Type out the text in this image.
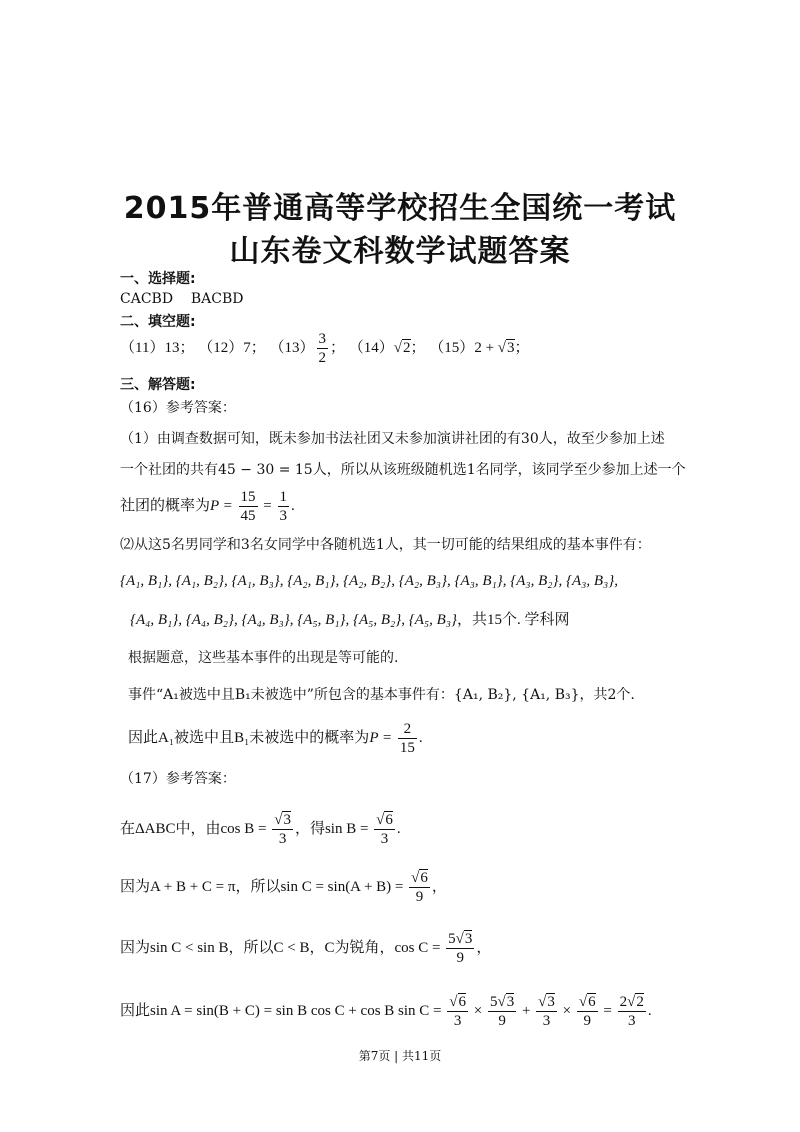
2015年普通高等学校招生全国统一考试
山东卷文科数学试题答案
一、选择题:
CACBD    BACBD
二、填空题:
（11）13； （12）7； $(13) \frac{3}{2}$ ； （14）√2； （15）2 + √3；
三、解答题:
（16）参考答案：
（1）由调查数据可知，既未参加书法社团又未参加演讲社团的有30人，故至少参加上述
一个社团的共有45 − 30 = 15人，所以从该班级随机选1名同学，该同学至少参加上述一个
社团的概率为$P = \frac{15}{45} = \frac{1}{3}$ .
⑵从这5名男同学和3名女同学中各随机选1人，其一切可能的结果组成的基本事件有：
{A₁, B₁}, {A₁, B₂}, {A₁, B₃}, {A₂, B₁}, {A₂, B₂}, {A₂, B₃}, {A₃, B₁}, {A₃, B₂}, {A₃, B₃},
{A₄, B₁}, {A₄, B₂}, {A₄, B₃}, {A₅, B₁}, {A₅, B₂}, {A₅, B₃}，共15个. 学科网
根据题意，这些基本事件的出现是等可能的.
事件“A₁被选中且B₁未被选中”所包含的基本事件有：{A₁, B₂}, {A₁, B₃}，共2个.
因此A₁被选中且B₁未被选中的概率为$P = \frac{2}{15}$ .
（17）参考答案：
在ΔABC中，由$\cos B = \frac{√3}{3}$ ，得$\sin B = \frac{√6}{3}$ .
因为A + B + C = π，所以$\sin C = \sin(A + B) = \frac{√6}{9}$ ，
因为sin C < sin B，所以C < B，C为锐角，$\cos C = \frac{5√3}{9}$ ，
因此sin A = sin(B + C) = sin B cos C + cos B $\sin C = \frac{√6}{3} \times \frac{5√3}{9} + \frac{√3}{3} \times \frac{√6}{9} = \frac{2√2}{3}$ .
第7页 | 共11页
